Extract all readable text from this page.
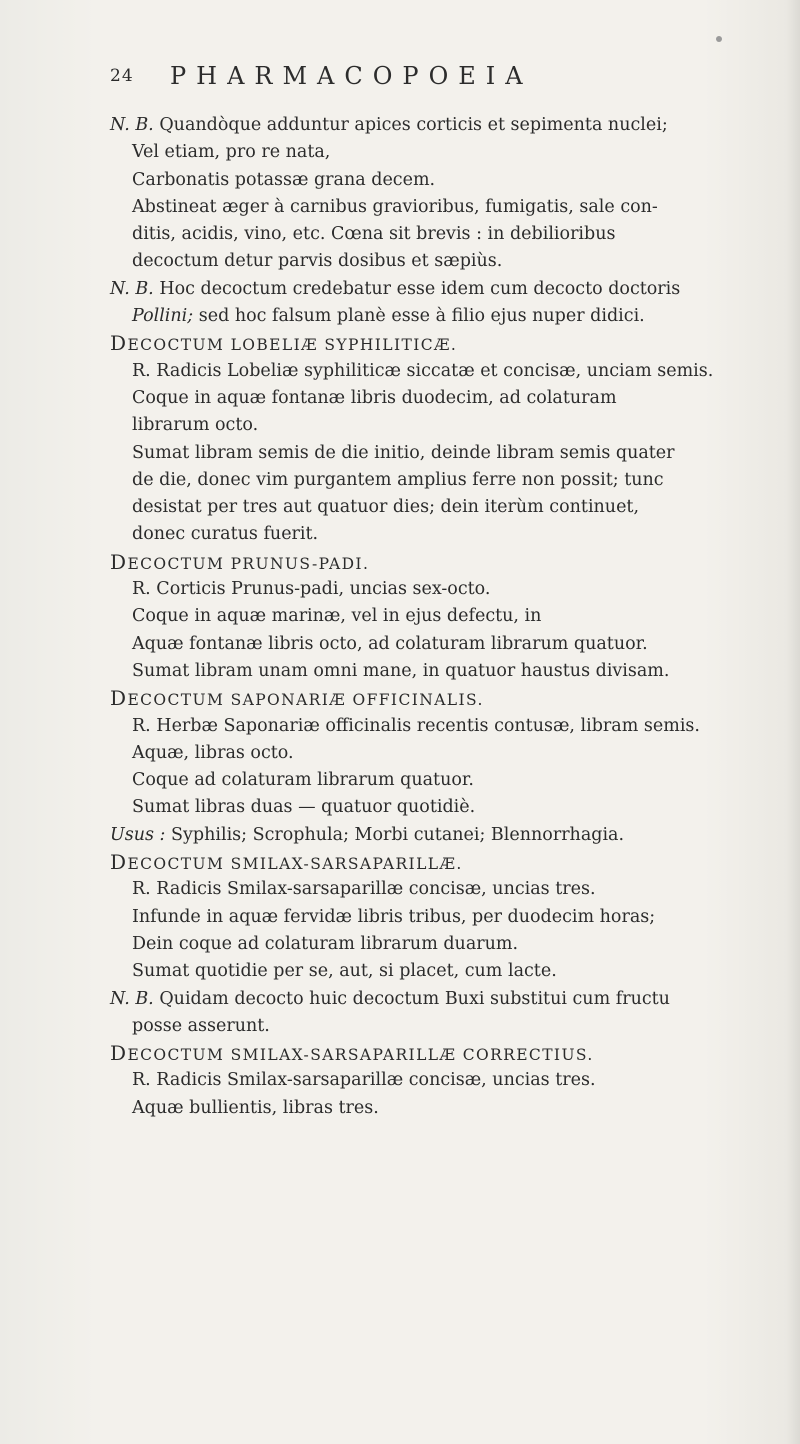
24 PHARMACOPOEIA
N. B. Quandòque adduntur apices corticis et sepimenta nuclei;
Vel etiam, pro re nata,
Carbonatis potassæ grana decem.
Abstineat æger à carnibus gravioribus, fumigatis, sale con-
ditis, acidis, vino, etc. Cœna sit brevis : in debilioribus
decoctum detur parvis dosibus et sæpiùs.
N. B. Hoc decoctum credebatur esse idem cum decocto doctoris
Pollini; sed hoc falsum planè esse à filio ejus nuper didici.
DECOCTUM LOBELIÆ SYPHILITICÆ.
R. Radicis Lobeliæ syphiliticæ siccatæ et concisæ, unciam semis.
Coque in aquæ fontanæ libris duodecim, ad colaturam
librarum octo.
Sumat libram semis de die initio, deinde libram semis quater
de die, donec vim purgantem amplius ferre non possit; tunc
desistat per tres aut quatuor dies; dein iterùm continuet,
donec curatus fuerit.
DECOCTUM PRUNUS-PADI.
R. Corticis Prunus-padi, uncias sex-octo.
Coque in aquæ marinæ, vel in ejus defectu, in
Aquæ fontanæ libris octo, ad colaturam librarum quatuor.
Sumat libram unam omni mane, in quatuor haustus divisam.
DECOCTUM SAPONARIÆ OFFICINALIS.
R. Herbæ Saponariæ officinalis recentis contusæ, libram semis.
Aquæ, libras octo.
Coque ad colaturam librarum quatuor.
Sumat libras duas — quatuor quotidiè.
Usus : Syphilis; Scrophula; Morbi cutanei; Blennorrhagia.
DECOCTUM SMILAX-SARSAPARILLÆ.
R. Radicis Smilax-sarsaparillæ concisæ, uncias tres.
Infunde in aquæ fervidæ libris tribus, per duodecim horas;
Dein coque ad colaturam librarum duarum.
Sumat quotidie per se, aut, si placet, cum lacte.
N. B. Quidam decocto huic decoctum Buxi substitui cum fructu
posse asserunt.
DECOCTUM SMILAX-SARSAPARILLÆ CORRECTIUS.
R. Radicis Smilax-sarsaparillæ concisæ, uncias tres.
Aquæ bullientis, libras tres.
